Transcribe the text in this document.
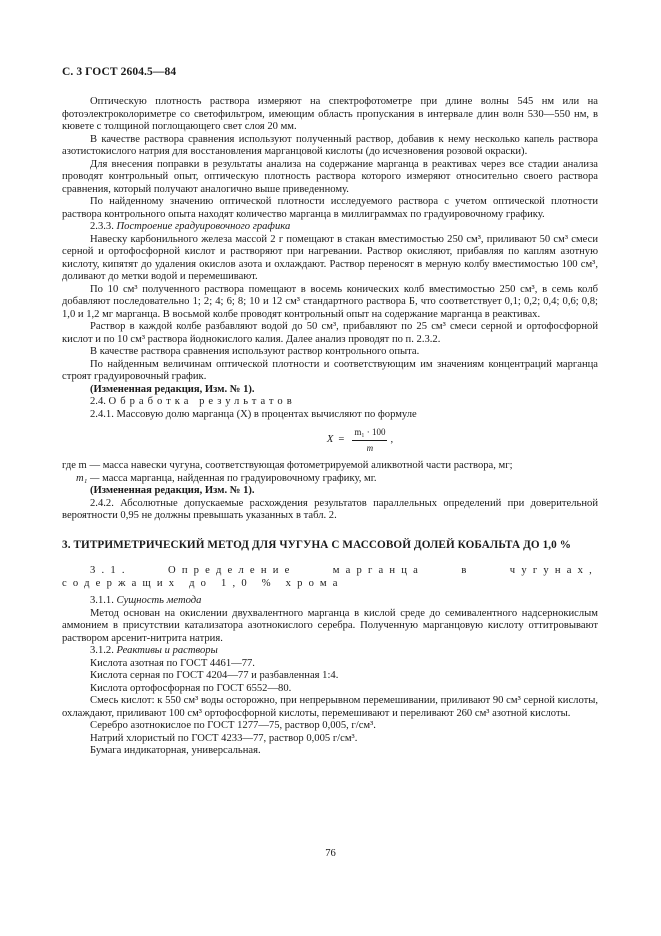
С. 3 ГОСТ 2604.5—84

Оптическую плотность раствора измеряют на спектрофотометре при длине волны 545 нм или на фотоэлектроколориметре со светофильтром, имеющим область пропускания в интервале длин волн 530—550 нм, в кювете с толщиной поглощающего свет слоя 20 мм.

В качестве раствора сравнения используют полученный раствор, добавив к нему несколько капель раствора азотистокислого натрия для восстановления марганцовой кислоты (до исчезновения розовой окраски).

Для внесения поправки в результаты анализа на содержание марганца в реактивах через все стадии анализа проводят контрольный опыт, оптическую плотность раствора которого измеряют относительно своего раствора сравнения, который получают аналогично выше приведенному.

По найденному значению оптической плотности исследуемого раствора с учетом оптической плотности раствора контрольного опыта находят количество марганца в миллиграммах по градуировочному графику.

2.3.3. Построение градуировочного графика

Навеску карбонильного железа массой 2 г помещают в стакан вместимостью 250 см³, приливают 50 см³ смеси серной и ортофосфорной кислот и растворяют при нагревании. Раствор окисляют, прибавляя по каплям азотную кислоту, кипятят до удаления окислов азота и охлаждают. Раствор переносят в мерную колбу вместимостью 100 см³, доливают до метки водой и перемешивают.

По 10 см³ полученного раствора помещают в восемь конических колб вместимостью 250 см³, в семь колб добавляют последовательно 1; 2; 4; 6; 8; 10 и 12 см³ стандартного раствора Б, что соответствует 0,1; 0,2; 0,4; 0,6; 0,8; 1,0 и 1,2 мг марганца. В восьмой колбе проводят контрольный опыт на содержание марганца в реактивах.

Раствор в каждой колбе разбавляют водой до 50 см³, прибавляют по 25 см³ смеси серной и ортофосфорной кислот и по 10 см³ раствора йоднокислого калия. Далее анализ проводят по п. 2.3.2.

В качестве раствора сравнения используют раствор контрольного опыта.

По найденным величинам оптической плотности и соответствующим им значениям концентраций марганца строят градуировочный график.

(Измененная редакция, Изм. № 1).

2.4. Обработка результатов

2.4.1. Массовую долю марганца (X) в процентах вычисляют по формуле

$X = \frac{\text{m₁ · 100}}{m}$ ,

где m — масса навески чугуна, соответствующая фотометрируемой аликвотной части раствора, мг;

m₁ — масса марганца, найденная по градуировочному графику, мг.

(Измененная редакция, Изм. № 1).

2.4.2. Абсолютные допускаемые расхождения результатов параллельных определений при доверительной вероятности 0,95 не должны превышать указанных в табл. 2.

3. ТИТРИМЕТРИЧЕСКИЙ МЕТОД ДЛЯ ЧУГУНА С МАССОВОЙ ДОЛЕЙ КОБАЛЬТА ДО 1,0 %

3.1. Определение марганца в чугунах, содержащих до 1,0 % хрома

3.1.1. Сущность метода

Метод основан на окислении двухвалентного марганца в кислой среде до семивалентного надсернокислым аммонием в присутствии катализатора азотнокислого серебра. Полученную марганцовую кислоту оттитровывают раствором арсенит-нитрита натрия.

3.1.2. Реактивы и растворы

Кислота азотная по ГОСТ 4461—77.

Кислота серная по ГОСТ 4204—77 и разбавленная 1:4.

Кислота ортофосфорная по ГОСТ 6552—80.

Смесь кислот: к 550 см³ воды осторожно, при непрерывном перемешивании, приливают 90 см³ серной кислоты, охлаждают, приливают 100 см³ ортофосфорной кислоты, перемешивают и переливают 260 см³ азотной кислоты.

Серебро азотнокислое по ГОСТ 1277—75, раствор 0,005, г/см³.

Натрий хлористый по ГОСТ 4233—77, раствор 0,005 г/см³.

Бумага индикаторная, универсальная.

76
